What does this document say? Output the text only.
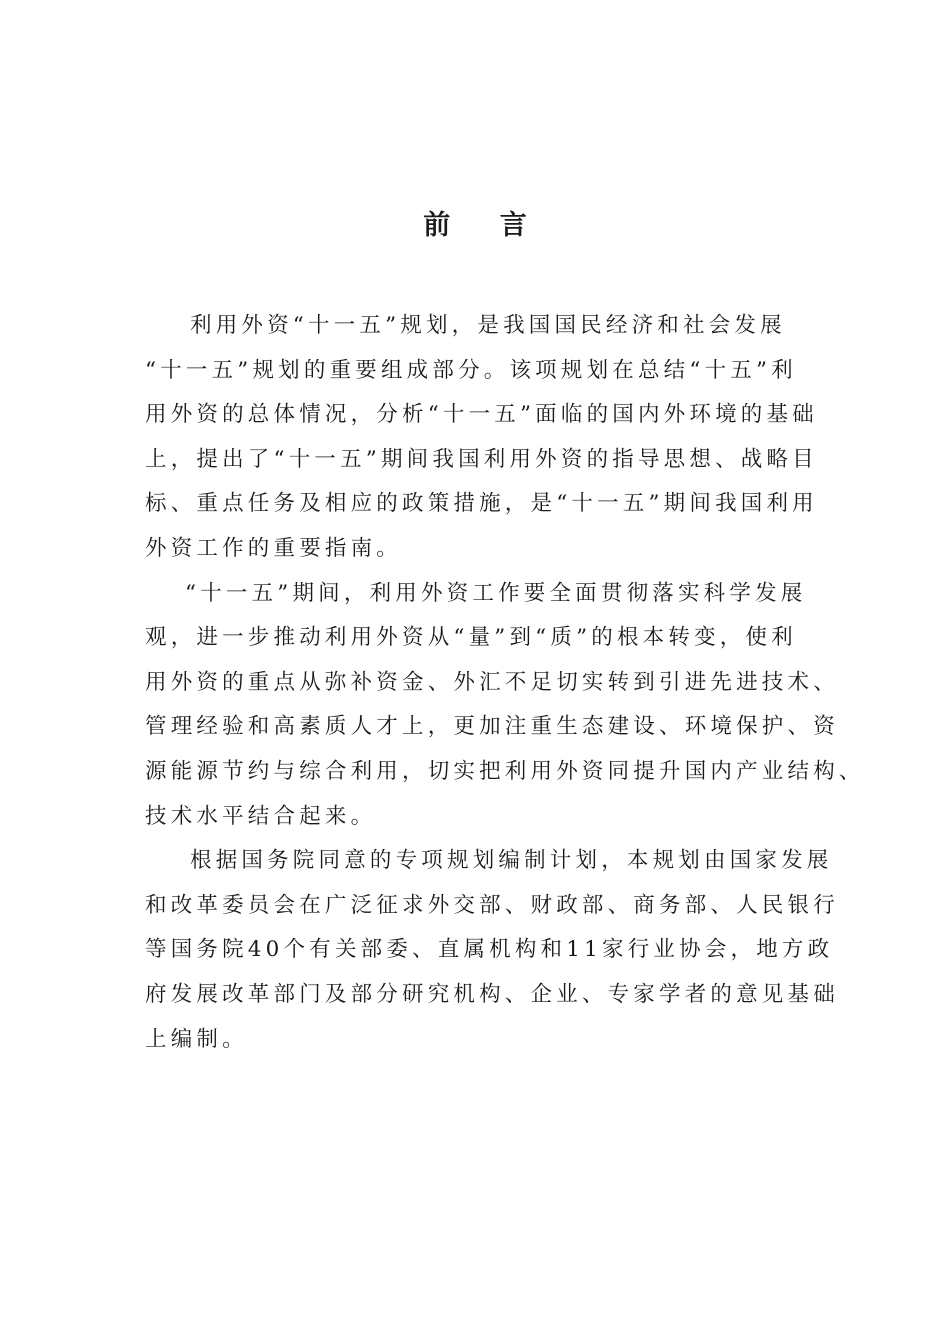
前 言
利用外资“十一五”规划，是我国国民经济和社会发展
“十一五”规划的重要组成部分。该项规划在总结“十五”利
用外资的总体情况，分析“十一五”面临的国内外环境的基础
上，提出了“十一五”期间我国利用外资的指导思想、战略目
标、重点任务及相应的政策措施，是“十一五”期间我国利用
外资工作的重要指南。
“十一五”期间，利用外资工作要全面贯彻落实科学发展
观，进一步推动利用外资从“量”到“质”的根本转变，使利
用外资的重点从弥补资金、外汇不足切实转到引进先进技术、
管理经验和高素质人才上，更加注重生态建设、环境保护、资
源能源节约与综合利用，切实把利用外资同提升国内产业结构、
技术水平结合起来。
根据国务院同意的专项规划编制计划，本规划由国家发展
和改革委员会在广泛征求外交部、财政部、商务部、人民银行
等国务院40个有关部委、直属机构和11家行业协会，地方政
府发展改革部门及部分研究机构、企业、专家学者的意见基础
上编制。
